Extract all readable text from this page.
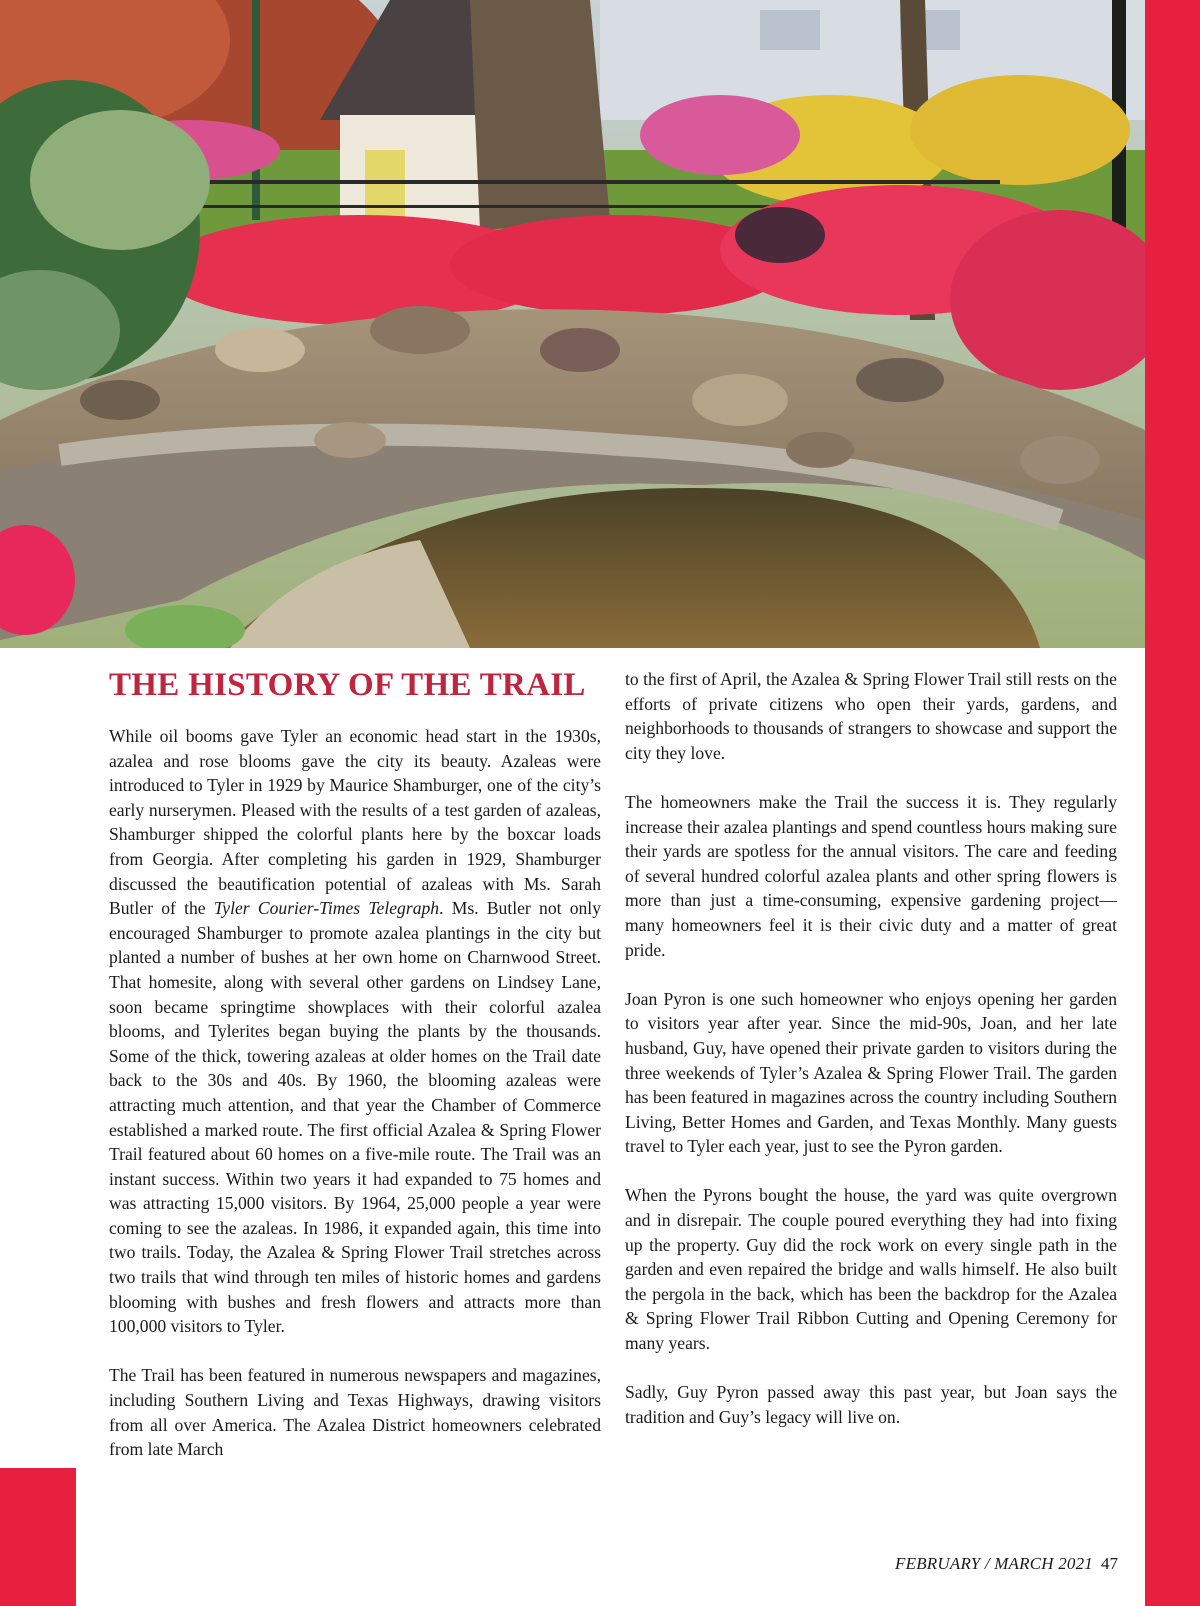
THE HISTORY OF THE TRAIL

While oil booms gave Tyler an economic head start in the 1930s, azalea and rose blooms gave the city its beauty. Azaleas were introduced to Tyler in 1929 by Maurice Shamburger, one of the city’s early nurserymen. Pleased with the results of a test garden of azaleas, Shamburger shipped the colorful plants here by the boxcar loads from Georgia. After completing his garden in 1929, Shamburger discussed the beautification potential of azaleas with Ms. Sarah Butler of the Tyler Courier-Times Telegraph. Ms. Butler not only encouraged Shamburger to promote azalea plantings in the city but planted a number of bushes at her own home on Charnwood Street. That homesite, along with several other gardens on Lindsey Lane, soon became springtime showplaces with their colorful azalea blooms, and Tylerites began buying the plants by the thousands. Some of the thick, towering azaleas at older homes on the Trail date back to the 30s and 40s. By 1960, the blooming azaleas were attracting much attention, and that year the Chamber of Commerce established a marked route. The first official Azalea & Spring Flower Trail featured about 60 homes on a five-mile route. The Trail was an instant success. Within two years it had expanded to 75 homes and was attracting 15,000 visitors. By 1964, 25,000 people a year were coming to see the azaleas. In 1986, it expanded again, this time into two trails. Today, the Azalea & Spring Flower Trail stretches across two trails that wind through ten miles of historic homes and gardens blooming with bushes and fresh flowers and attracts more than 100,000 visitors to Tyler.

The Trail has been featured in numerous newspapers and magazines, including Southern Living and Texas Highways, drawing visitors from all over America. The Azalea District homeowners celebrated from late March

to the first of April, the Azalea & Spring Flower Trail still rests on the efforts of private citizens who open their yards, gardens, and neighborhoods to thousands of strangers to showcase and support the city they love.

The homeowners make the Trail the success it is. They regularly increase their azalea plantings and spend countless hours making sure their yards are spotless for the annual visitors. The care and feeding of several hundred colorful azalea plants and other spring flowers is more than just a time-consuming, expensive gardening project—many homeowners feel it is their civic duty and a matter of great pride.

Joan Pyron is one such homeowner who enjoys opening her garden to visitors year after year. Since the mid-90s, Joan, and her late husband, Guy, have opened their private garden to visitors during the three weekends of Tyler’s Azalea & Spring Flower Trail. The garden has been featured in magazines across the country including Southern Living, Better Homes and Garden, and Texas Monthly. Many guests travel to Tyler each year, just to see the Pyron garden.

When the Pyrons bought the house, the yard was quite overgrown and in disrepair. The couple poured everything they had into fixing up the property. Guy did the rock work on every single path in the garden and even repaired the bridge and walls himself. He also built the pergola in the back, which has been the backdrop for the Azalea & Spring Flower Trail Ribbon Cutting and Opening Ceremony for many years.

Sadly, Guy Pyron passed away this past year, but Joan says the tradition and Guy’s legacy will live on.

FEBRUARY / MARCH 2021 47
